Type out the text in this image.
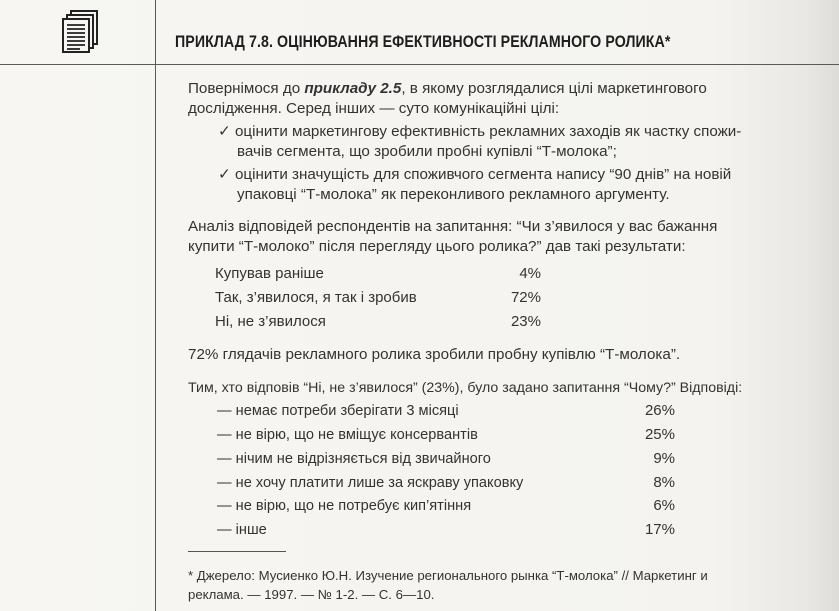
ПРИКЛАД 7.8. ОЦІНЮВАННЯ ЕФЕКТИВНОСТІ РЕКЛАМНОГО РОЛИКА*
Повернімося до прикладу 2.5, в якому розглядалися цілі маркетингового
дослідження. Серед інших — суто комунікаційні цілі:
✓ оцінити маркетингову ефективність рекламних заходів як частку спожи-
вачів сегмента, що зробили пробні купівлі “Т-молока”;
✓ оцінити значущість для споживчого сегмента напису “90 днів” на новій
упаковці “Т-молока” як переконливого рекламного аргументу.
Аналіз відповідей респондентів на запитання: “Чи з’явилося у вас бажання
купити “Т-молоко” після перегляду цього ролика?” дав такі результати:
Купував раніше	4%
Так, з’явилося, я так і зробив	72%
Ні, не з’явилося	23%
72% глядачів рекламного ролика зробили пробну купівлю “Т-молока”.
Тим, хто відповів “Ні, не з’явилося” (23%), було задано запитання “Чому?” Відповіді:
— немає потреби зберігати 3 місяці	26%
— не вірю, що не вміщує консервантів	25%
— нічим не відрізняється від звичайного	9%
— не хочу платити лише за яскраву упаковку	8%
— не вірю, що не потребує кип’ятіння	6%
— інше	17%
* Джерело: Мусиенко Ю.Н. Изучение регионального рынка “Т-молока” // Маркетинг и
реклама. — 1997. — № 1-2. — С. 6—10.
